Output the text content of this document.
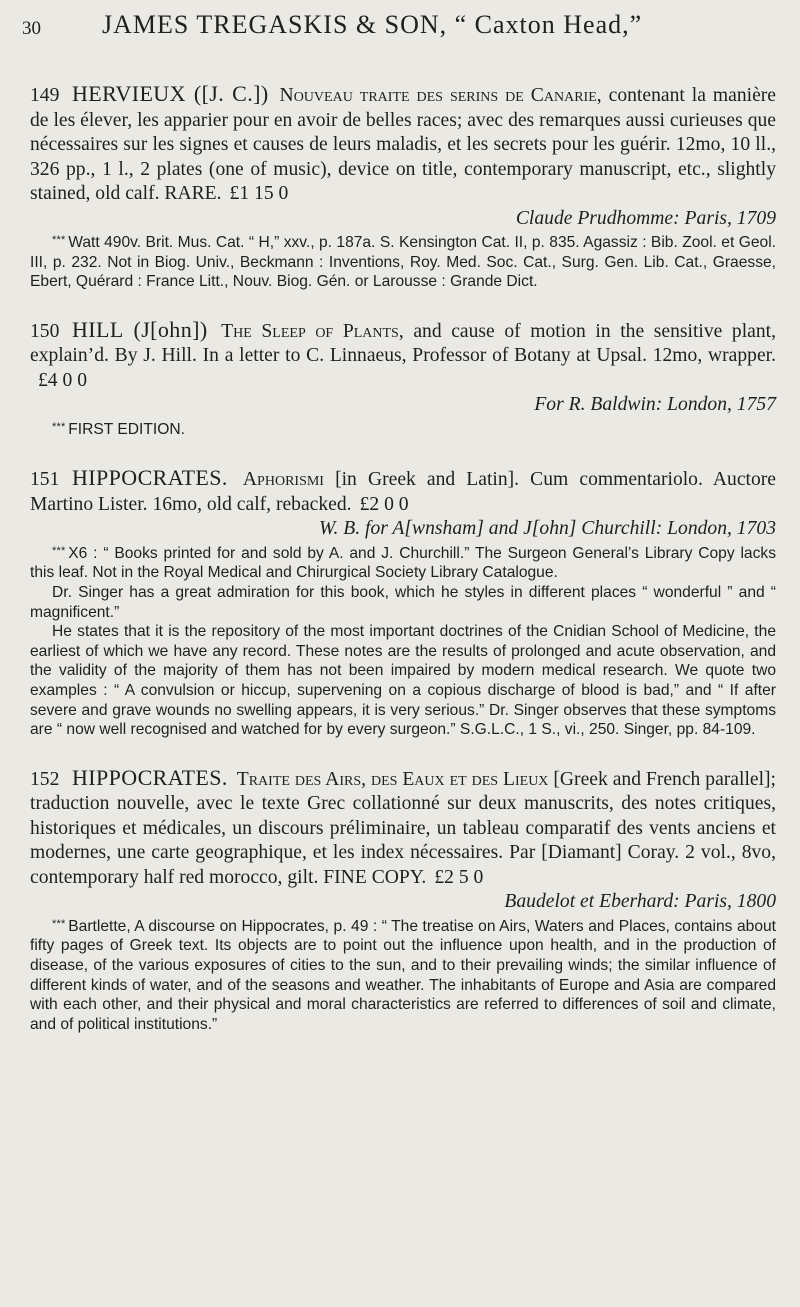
30 JAMES TREGASKIS & SON, “ Caxton Head,”

149 HERVIEUX ([J. C.]) Nouveau traite des serins de Canarie, contenant la manière de les élever, les apparier pour en avoir de belles races; avec des remarques aussi curieuses que nécessaires sur les signes et causes de leurs maladis, et les secrets pour les guérir. 12mo, 10 ll., 326 pp., 1 l., 2 plates (one of music), device on title, contemporary manuscript, etc., slightly stained, old calf. RARE. £1 15 0

Claude Prudhomme: Paris, 1709

* * * Watt 490v. Brit. Mus. Cat. “ H,” xxv., p. 187a. S. Kensington Cat. II, p. 835. Agassiz : Bib. Zool. et Geol. III, p. 232. Not in Biog. Univ., Beckmann : Inventions, Roy. Med. Soc. Cat., Surg. Gen. Lib. Cat., Graesse, Ebert, Quérard : France Litt., Nouv. Biog. Gén. or Larousse : Grande Dict.

150 HILL (J[ohn]) The Sleep of Plants, and cause of motion in the sensitive plant, explain’d. By J. Hill. In a letter to C. Linnaeus, Professor of Botany at Upsal. 12mo, wrapper.£4 0 0

For R. Baldwin: London, 1757

* * * FIRST EDITION.

151 HIPPOCRATES. Aphorismi [in Greek and Latin]. Cum commentariolo. Auctore Martino Lister. 16mo, old calf, rebacked. £2 0 0

W. B. for A[wnsham] and J[ohn] Churchill: London, 1703

* * * X6 : “ Books printed for and sold by A. and J. Churchill.” The Surgeon General’s Library Copy lacks this leaf. Not in the Royal Medical and Chirurgical Society Library Catalogue.

Dr. Singer has a great admiration for this book, which he styles in different places “ wonderful ” and “ magnificent.”

He states that it is the repository of the most important doctrines of the Cnidian School of Medicine, the earliest of which we have any record. These notes are the results of prolonged and acute observation, and the validity of the majority of them has not been impaired by modern medical research. We quote two examples : “ A convulsion or hiccup, supervening on a copious discharge of blood is bad,” and “ If after severe and grave wounds no swelling appears, it is very serious.” Dr. Singer observes that these symptoms are “ now well recognised and watched for by every surgeon.” S.G.L.C., 1 S., vi., 250. Singer, pp. 84-109.

152 HIPPOCRATES. Traite des Airs, des Eaux et des Lieux [Greek and French parallel]; traduction nouvelle, avec le texte Grec collationné sur deux manuscrits, des notes critiques, historiques et médicales, un discours préliminaire, un tableau comparatif des vents anciens et modernes, une carte geographique, et les index nécessaires. Par [Diamant] Coray. 2 vol., 8vo, contemporary half red morocco, gilt. FINE COPY. £2 5 0

Baudelot et Eberhard: Paris, 1800

* * * Bartlette, A discourse on Hippocrates, p. 49 : “ The treatise on Airs, Waters and Places, contains about fifty pages of Greek text. Its objects are to point out the influence upon health, and in the production of disease, of the various exposures of cities to the sun, and to their prevailing winds; the similar influence of different kinds of water, and of the seasons and weather. The inhabitants of Europe and Asia are compared with each other, and their physical and moral characteristics are referred to differences of soil and climate, and of political institutions.”
